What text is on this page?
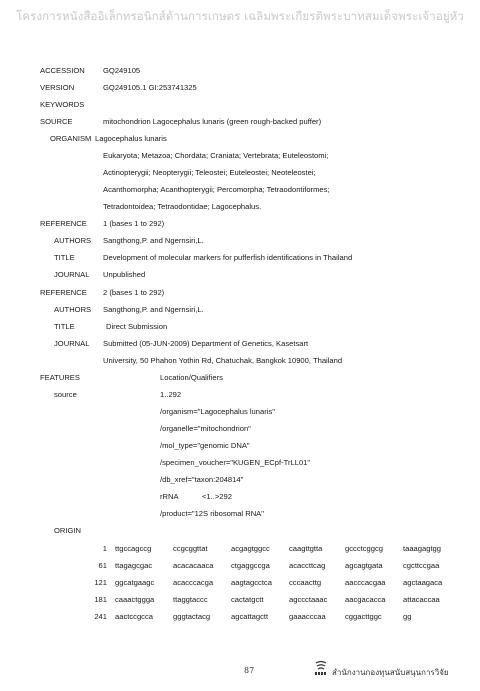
โครงการหนังสืออิเล็กทรอนิกส์ด้านการเกษตร เฉลิมพระเกียรติพระบาทสมเด็จพระเจ้าอยู่หัว
ACCESSION GQ249105
VERSION	GQ249105.1 GI:253741325
KEYWORDS
SOURCE	mitochondrion Lagocephalus lunaris (green rough-backed puffer)
ORGANISM Lagocephalus lunaris
Eukaryota; Metazoa; Chordata; Craniata; Vertebrata; Euteleostomi;
Actinopterygii; Neopterygii; Teleostei; Euteleostei; Neoteleostei;
Acanthomorpha; Acanthopterygii; Percomorpha; Tetraodontiformes;
Tetradontoidea; Tetraodontidae; Lagocephalus.
REFERENCE 1 (bases 1 to 292)
AUTHORS Sangthong,P. and Ngernsiri,L.
TITLE	Development of molecular markers for pufferfish identifications in Thailand
JOURNAL Unpublished
REFERENCE 2 (bases 1 to 292)
AUTHORS Sangthong,P. and Ngernsiri,L.
TITLE	Direct Submission
JOURNAL Submitted (05-JUN-2009) Department of Genetics, Kasetsart
University, 50 Phahon Yothin Rd, Chatuchak, Bangkok 10900, Thailand
FEATURES	Location/Qualifiers
source	1..292
/organism="Lagocephalus lunaris"
/organelle="mitochondrion"
/mol_type="genomic DNA"
/specimen_voucher="KUGEN_ECpf-TrLL01"
/db_xref="taxon:204814"
rRNA	<1..>292
/product="12S ribosomal RNA"
ORIGIN
1 ttgccagccg	ccgcggttat	acgagtggcc	caagttgtta	gccctcggcg	taaagagtgg
61 ttagagcgac	acacacaaca ctgaggccga	acaccttcag	agcagtgata	cgcttccgaa
121 ggcatgaagc acacccacga aagtagcctca cccaacttg	aacccacgaa agctaagaca
181 caaactggga ttaggtaccc	cactatgctt	agccctaaac aacgacacca attacaccaa
241 aactccgcca	gggtactacg	agcattagctt	gaaacccaa	cggacttggc	gg
87	สำนักงานกองทุนสนับสนุนการวิจัย
